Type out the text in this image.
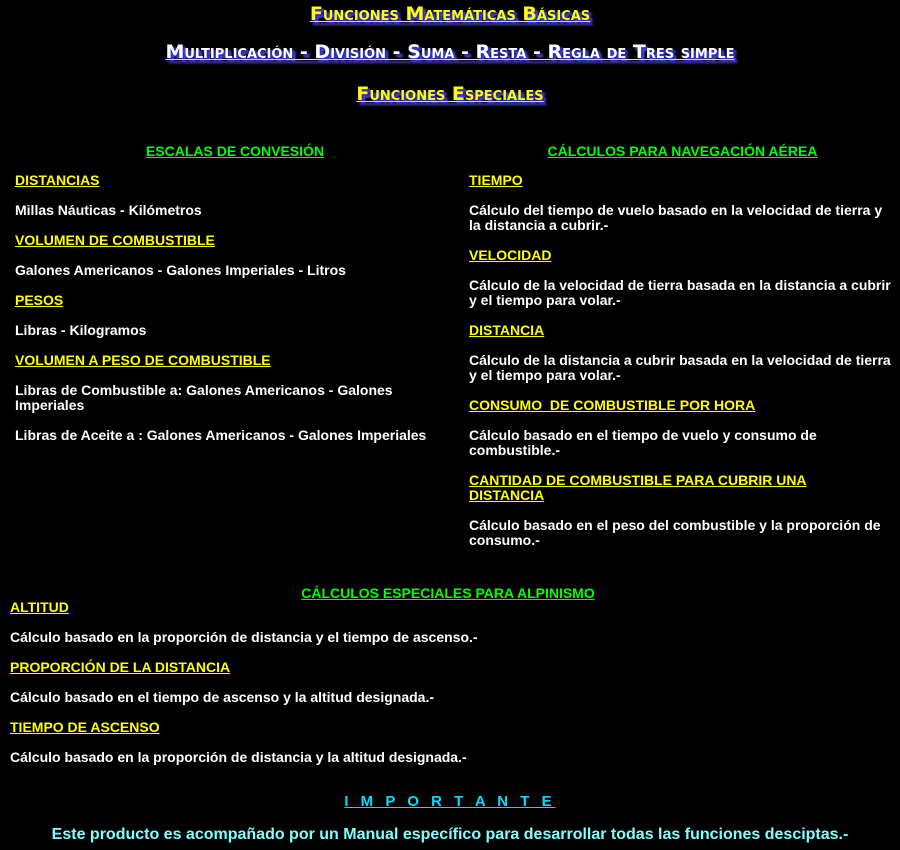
Funciones Matemáticas Básicas
Multiplicación - División - Suma - Resta - Regla de Tres simple
Funciones Especiales
ESCALAS DE CONVESIÓN
DISTANCIAS
Millas Náuticas - Kilómetros
VOLUMEN DE COMBUSTIBLE
Galones Americanos - Galones Imperiales - Litros
PESOS
Libras - Kilogramos
VOLUMEN A PESO DE COMBUSTIBLE
Libras de Combustible a: Galones Americanos - Galones Imperiales
Libras de Aceite a : Galones Americanos - Galones Imperiales
CÁLCULOS PARA NAVEGACIÓN AÉREA
TIEMPO
Cálculo del tiempo de vuelo basado en la velocidad de tierra y la distancia a cubrir.-
VELOCIDAD
Cálculo de la velocidad de tierra basada en la distancia a cubrir y el tiempo para volar.-
DISTANCIA
Cálculo de la distancia a cubrir basada en la velocidad de tierra y el tiempo para volar.-
CONSUMO  DE COMBUSTIBLE POR HORA
Cálculo basado en el tiempo de vuelo y consumo de combustible.-
CANTIDAD DE COMBUSTIBLE PARA CUBRIR UNA DISTANCIA
Cálculo basado en el peso del combustible y la proporción de consumo.-
CÁLCULOS ESPECIALES PARA ALPINISMO
ALTITUD
Cálculo basado en la proporción de distancia y el tiempo de ascenso.-
PROPORCIÓN DE LA DISTANCIA
Cálculo basado en el tiempo de ascenso y la altitud designada.-
TIEMPO DE ASCENSO
Cálculo basado en la proporción de distancia y la altitud designada.-
I M P O R T A N T E
Este producto es acompañado por un Manual específico para desarrollar todas las funciones desciptas.-
